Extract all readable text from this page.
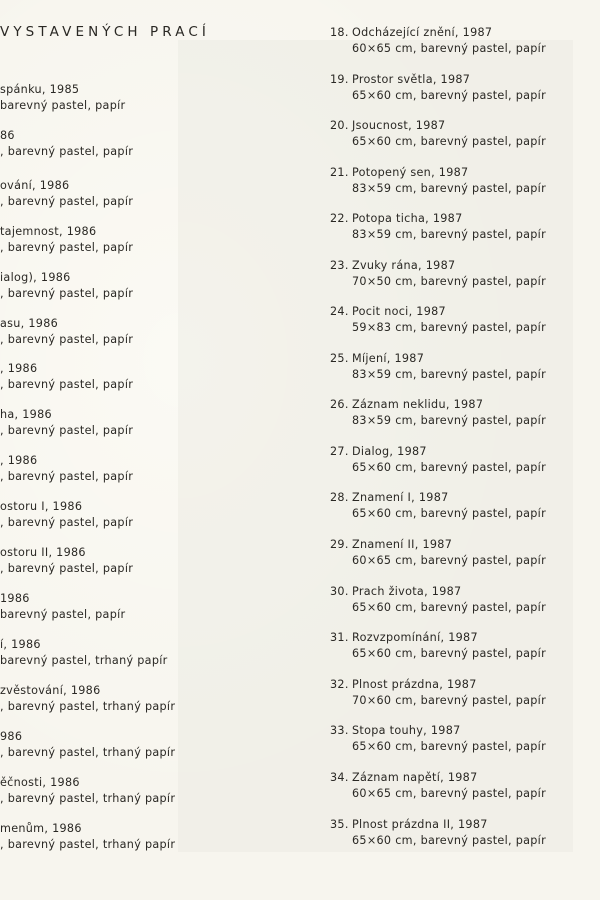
VYSTAVENÝCH PRACÍ
spánku, 1985
barevný pastel, papír
86
, barevný pastel, papír
ování, 1986
, barevný pastel, papír
tajemnost, 1986
, barevný pastel, papír
ialog), 1986
, barevný pastel, papír
asu, 1986
, barevný pastel, papír
, 1986
, barevný pastel, papír
ha, 1986
, barevný pastel, papír
, 1986
, barevný pastel, papír
ostoru I, 1986
, barevný pastel, papír
ostoru II, 1986
, barevný pastel, papír
1986
barevný pastel, papír
í, 1986
barevný pastel, trhaný papír
zvěstování, 1986
, barevný pastel, trhaný papír
986
, barevný pastel, trhaný papír
ěčnosti, 1986
, barevný pastel, trhaný papír
menům, 1986
, barevný pastel, trhaný papír
18. Odcházející znění, 1987
60×65 cm, barevný pastel, papír
19. Prostor světla, 1987
65×60 cm, barevný pastel, papír
20. Jsoucnost, 1987
65×60 cm, barevný pastel, papír
21. Potopený sen, 1987
83×59 cm, barevný pastel, papír
22. Potopa ticha, 1987
83×59 cm, barevný pastel, papír
23. Zvuky rána, 1987
70×50 cm, barevný pastel, papír
24. Pocit noci, 1987
59×83 cm, barevný pastel, papír
25. Míjení, 1987
83×59 cm, barevný pastel, papír
26. Záznam neklidu, 1987
83×59 cm, barevný pastel, papír
27. Dialog, 1987
65×60 cm, barevný pastel, papír
28. Znamení I, 1987
65×60 cm, barevný pastel, papír
29. Znamení II, 1987
60×65 cm, barevný pastel, papír
30. Prach života, 1987
65×60 cm, barevný pastel, papír
31. Rozvzpomínání, 1987
65×60 cm, barevný pastel, papír
32. Plnost prázdna, 1987
70×60 cm, barevný pastel, papír
33. Stopa touhy, 1987
65×60 cm, barevný pastel, papír
34. Záznam napětí, 1987
60×65 cm, barevný pastel, papír
35. Plnost prázdna II, 1987
65×60 cm, barevný pastel, papír
